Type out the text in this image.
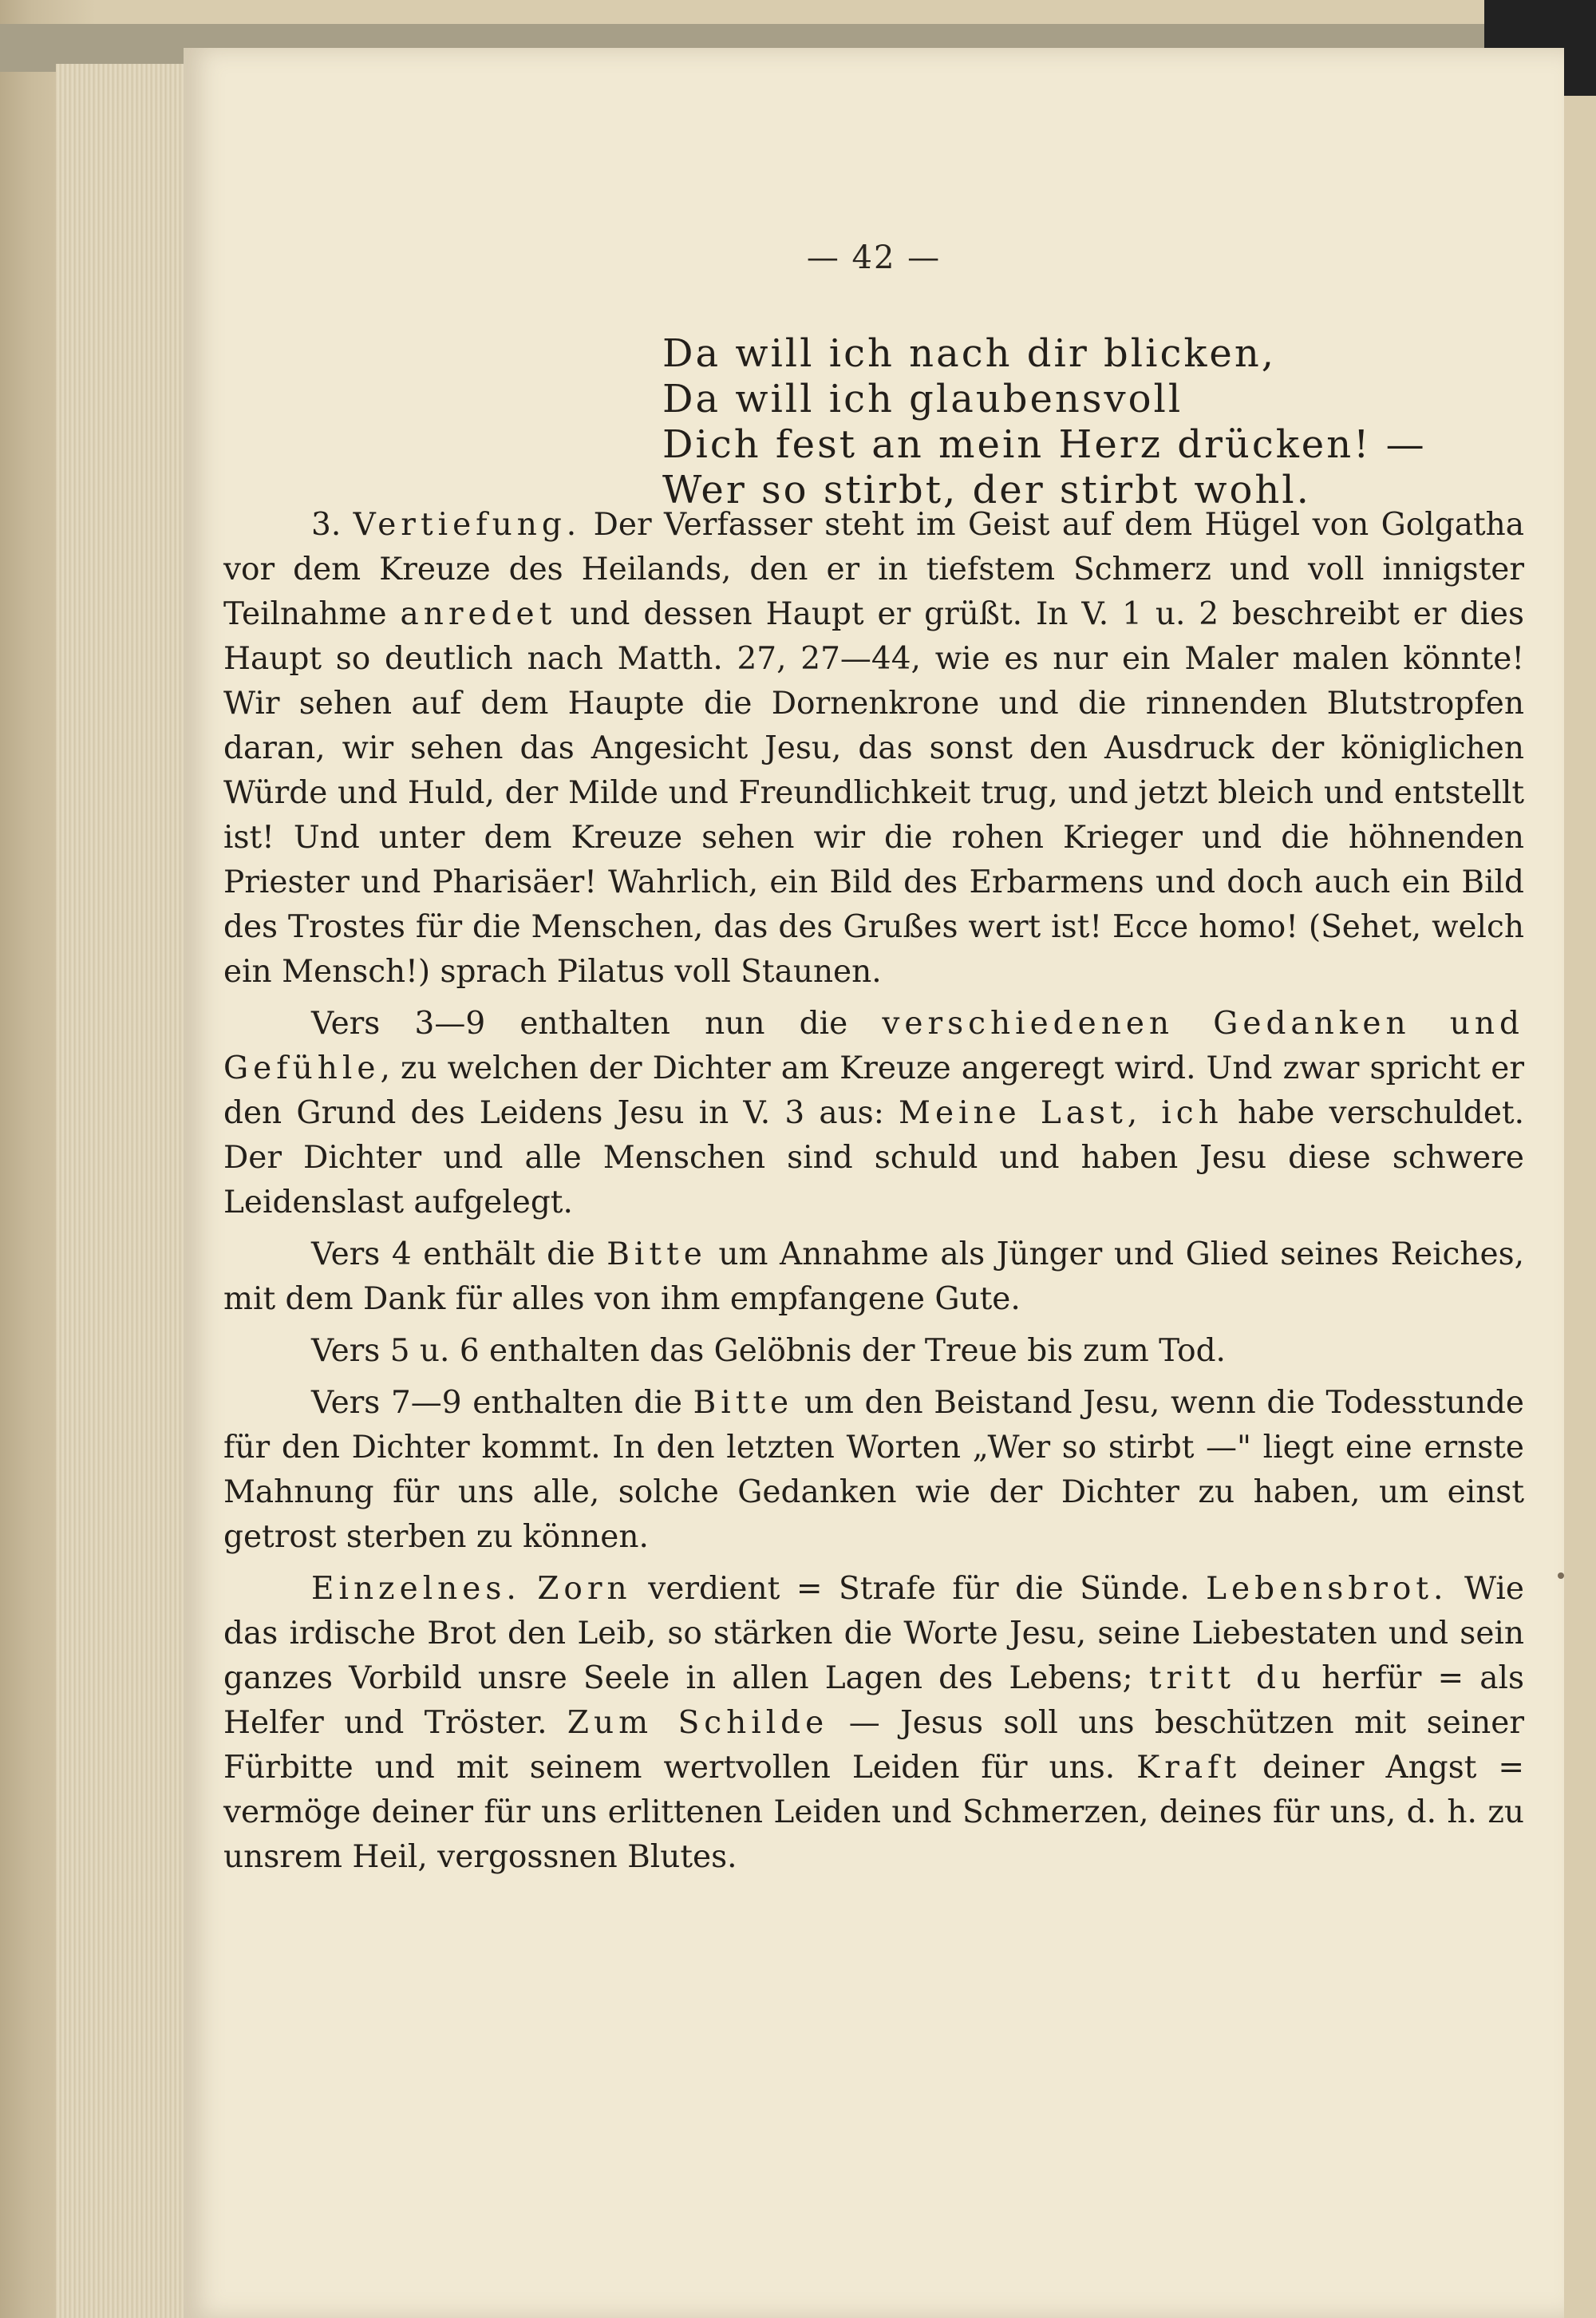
— 42 —
Da will ich nach dir blicken,
Da will ich glaubensvoll
Dich fest an mein Herz drücken! —
Wer so stirbt, der stirbt wohl.

3. Vertiefung. Der Verfasser steht im Geist auf dem Hügel von Golgatha vor dem Kreuze des Heilands, den er in tiefstem Schmerz und voll innigster Teilnahme anredet und dessen Haupt er grüßt. In V. 1 u. 2 beschreibt er dies Haupt so deutlich nach Matth. 27, 27—44, wie es nur ein Maler malen könnte! Wir sehen auf dem Haupte die Dornenkrone und die rinnenden Blutstropfen daran, wir sehen das Angesicht Jesu, das sonst den Ausdruck der königlichen Würde und Huld, der Milde und Freundlichkeit trug, und jetzt bleich und entstellt ist! Und unter dem Kreuze sehen wir die rohen Krieger und die höhnenden Priester und Pharisäer! Wahrlich, ein Bild des Erbarmens und doch auch ein Bild des Trostes für die Menschen, das des Grußes wert ist! Ecce homo! (Sehet, welch ein Mensch!) sprach Pilatus voll Staunen.

Vers 3—9 enthalten nun die verschiedenen Gedanken und Gefühle, zu welchen der Dichter am Kreuze angeregt wird. Und zwar spricht er den Grund des Leidens Jesu in V. 3 aus: Meine Last, ich habe verschuldet. Der Dichter und alle Menschen sind schuld und haben Jesu diese schwere Leidenslast aufgelegt.

Vers 4 enthält die Bitte um Annahme als Jünger und Glied seines Reiches, mit dem Dank für alles von ihm empfangene Gute.

Vers 5 u. 6 enthalten das Gelöbnis der Treue bis zum Tod.

Vers 7—9 enthalten die Bitte um den Beistand Jesu, wenn die Todesstunde für den Dichter kommt. In den letzten Worten „Wer so stirbt —" liegt eine ernste Mahnung für uns alle, solche Gedanken wie der Dichter zu haben, um einst getrost sterben zu können.

Einzelnes. Zorn verdient = Strafe für die Sünde. Lebensbrot. Wie das irdische Brot den Leib, so stärken die Worte Jesu, seine Liebestaten und sein ganzes Vorbild unsre Seele in allen Lagen des Lebens; tritt du herfür = als Helfer und Tröster. Zum Schilde — Jesus soll uns beschützen mit seiner Fürbitte und mit seinem wertvollen Leiden für uns. Kraft deiner Angst = vermöge deiner für uns erlittenen Leiden und Schmerzen, deines für uns, d. h. zu unsrem Heil, vergossnen Blutes.
